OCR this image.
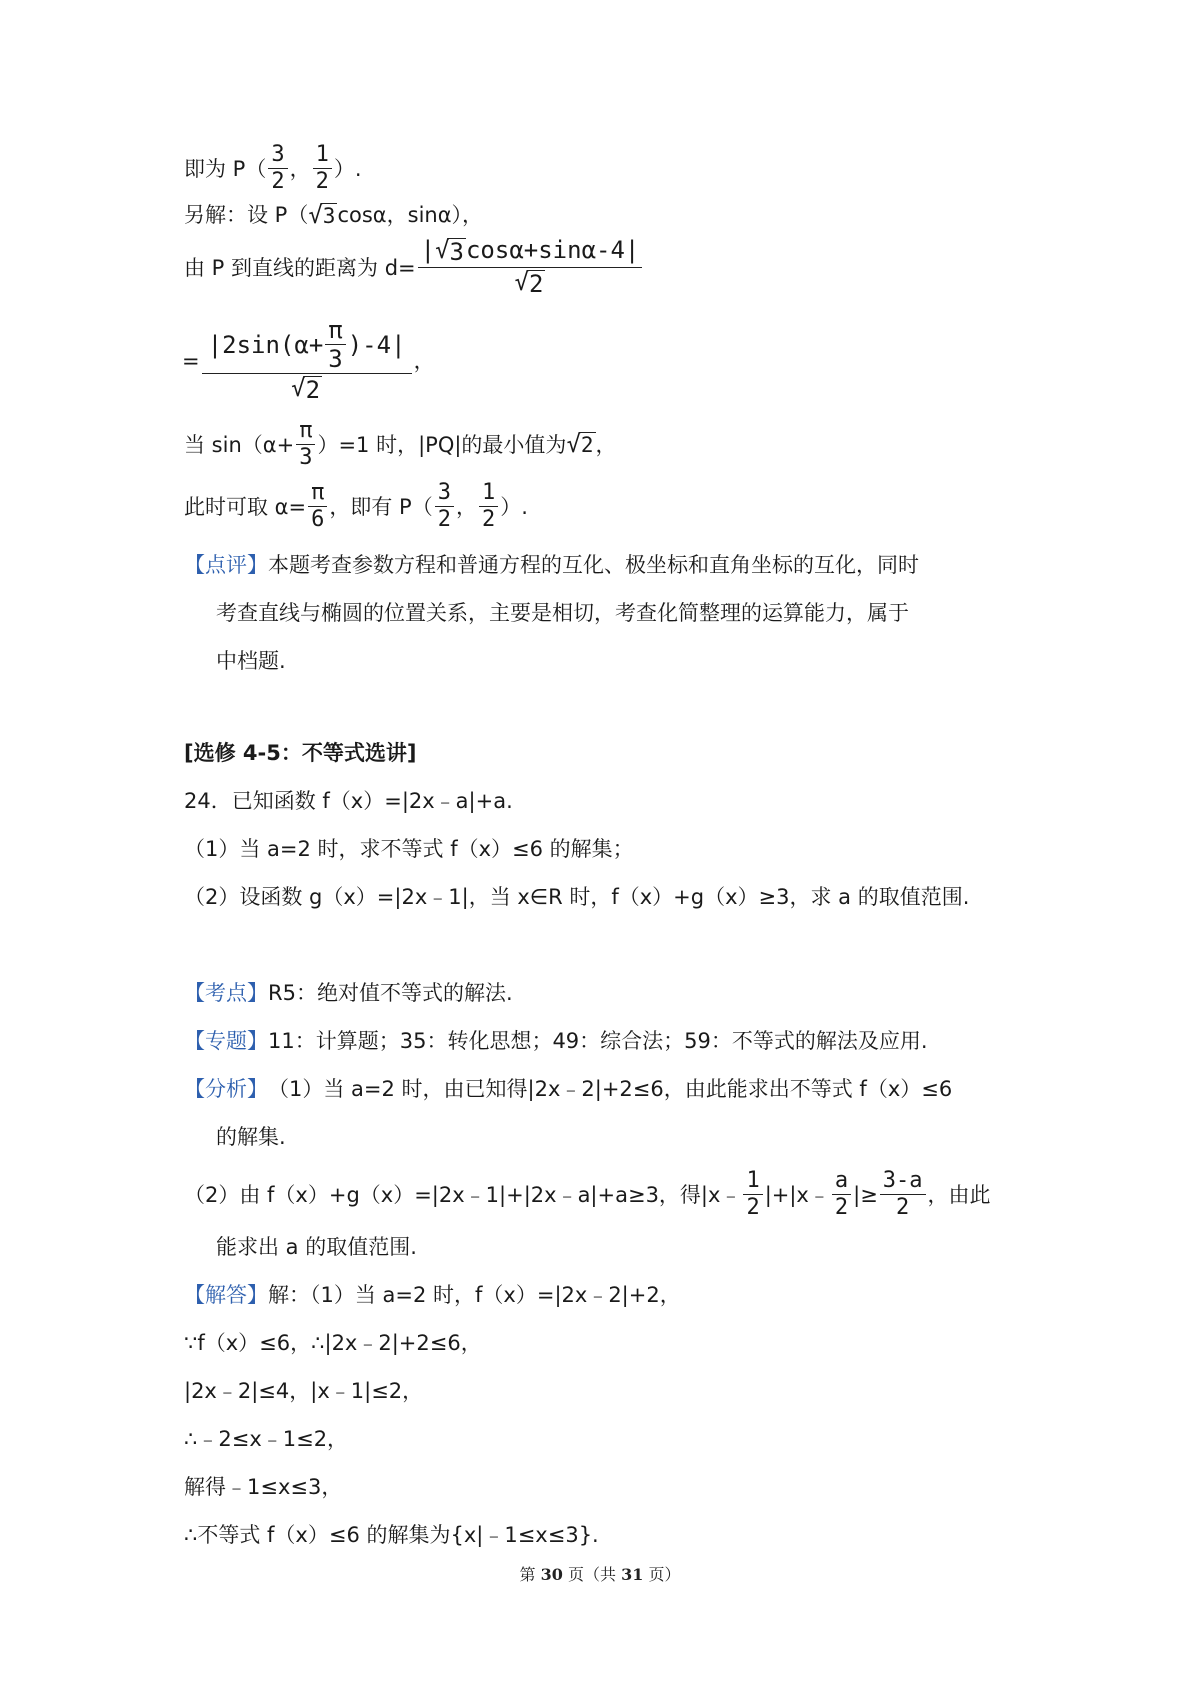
即为 $P( \frac{3}{2}$ ， $\frac{1}{2}$ ）.
另解：设 P（ √ 3 cosα，sinα），
由 P 到直线的距离为 $d= \frac{| √ 3 \cos\alpha+\sin\alpha-4|}{√ 2}$
= $\frac{|2\sin(\alpha+ \frac{\pi}{3} )-4|}{√ 2}$ ，
当 $\sin(\alpha+ \frac{\pi}{3} )=1$ 时，|PQ|的最小值为 √ 2 ，
此时可取 $\alpha= \frac{\pi}{6}$ ，即有 $P( \frac{3}{2}$ ， $\frac{1}{2}$ ）.
【点评】 本题考查参数方程和普通方程的互化、极坐标和直角坐标的互化，同时
考查直线与椭圆的位置关系，主要是相切，考查化简整理的运算能力，属于
中档题.
[选修 4-5：不等式选讲]
24．已知函数 f（x）=|2x﹣a|+a.
（1）当 a=2 时，求不等式 f（x）≤6 的解集；
（2）设函数 g（x）=|2x﹣1|，当 x∈R 时，f（x）+g（x）≥3，求 a 的取值范围.
【考点】 R5：绝对值不等式的解法.
【专题】 11：计算题；35：转化思想；49：综合法；59：不等式的解法及应用.
【分析】 （1）当 a=2 时，由已知得|2x﹣2|+2≤6，由此能求出不等式 f（x）≤6
的解集.
（2）由 f（x）+g（x）=|2x﹣1|+|2x﹣a|+a≥3，得|x﹣ $\frac{1}{2}$ |+|x﹣ $\frac{a}{2}$ |≥ $\frac{3-a}{2}$ ，由此
能求出 a 的取值范围.
【解答】 解：（1）当 a=2 时，f（x）=|2x﹣2|+2，
∵f（x）≤6，∴|2x﹣2|+2≤6，
|2x﹣2|≤4，|x﹣1|≤2，
∴﹣2≤x﹣1≤2，
解得﹣1≤x≤3，
∴不等式 f（x）≤6 的解集为{x|﹣1≤x≤3}.
第 30 页（共 31 页）
